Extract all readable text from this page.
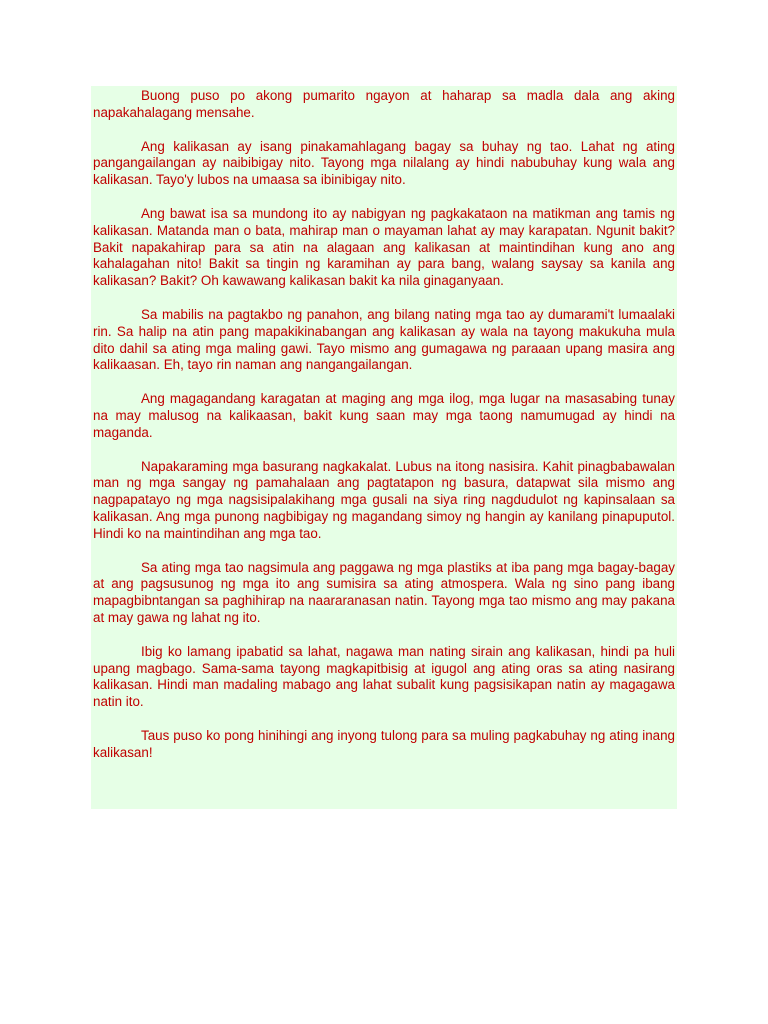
Buong puso po akong pumarito ngayon at haharap sa madla dala ang aking napakahalagang mensahe.

Ang kalikasan ay isang pinakamahlagang bagay sa buhay ng tao. Lahat ng ating pangangailangan ay naibibigay nito. Tayong mga nilalang ay hindi nabubuhay kung wala ang kalikasan. Tayo'y lubos na umaasa sa ibinibigay nito.

Ang bawat isa sa mundong ito ay nabigyan ng pagkakataon na matikman ang tamis ng kalikasan. Matanda man o bata, mahirap man o mayaman lahat ay may karapatan. Ngunit bakit? Bakit napakahirap para sa atin na alagaan ang kalikasan at maintindihan kung ano ang kahalagahan nito! Bakit sa tingin ng karamihan ay para bang, walang saysay sa kanila ang kalikasan? Bakit? Oh kawawang kalikasan bakit ka nila ginaganyaan.

Sa mabilis na pagtakbo ng panahon, ang bilang nating mga tao ay dumarami't lumaalaki rin. Sa halip na atin pang mapakikinabangan ang kalikasan ay wala na tayong makukuha mula dito dahil sa ating mga maling gawi. Tayo mismo ang gumagawa ng paraaan upang masira ang kalikaasan. Eh, tayo rin naman ang nangangailangan.

Ang magagandang karagatan at maging ang mga ilog, mga lugar na masasabing tunay na may malusog na kalikaasan, bakit kung saan may mga taong namumugad ay hindi na maganda.

Napakaraming mga basurang nagkakalat. Lubus na itong nasisira. Kahit pinagbabawalan man ng mga sangay ng pamahalaan ang pagtatapon ng basura, datapwat sila mismo ang nagpapatayo ng mga nagsisipalakihang mga gusali na siya ring nagdudulot ng kapinsalaan sa kalikasan. Ang mga punong nagbibigay ng magandang simoy ng hangin ay kanilang pinapuputol. Hindi ko na maintindihan ang mga tao.

Sa ating mga tao nagsimula ang paggawa ng mga plastiks at iba pang mga bagay-bagay at ang pagsusunog ng mga ito ang sumisira sa ating atmospera. Wala ng sino pang ibang mapagbibntangan sa paghihirap na naararanasan natin. Tayong mga tao mismo ang may pakana at may gawa ng lahat ng ito.

Ibig ko lamang ipabatid sa lahat, nagawa man nating sirain ang kalikasan, hindi pa huli upang magbago. Sama-sama tayong magkapitbisig at igugol ang ating oras sa ating nasirang kalikasan. Hindi man madaling mabago ang lahat subalit kung pagsisikapan natin ay magagawa natin ito.

Taus puso ko pong hinihingi ang inyong tulong para sa muling pagkabuhay ng ating inang kalikasan!
